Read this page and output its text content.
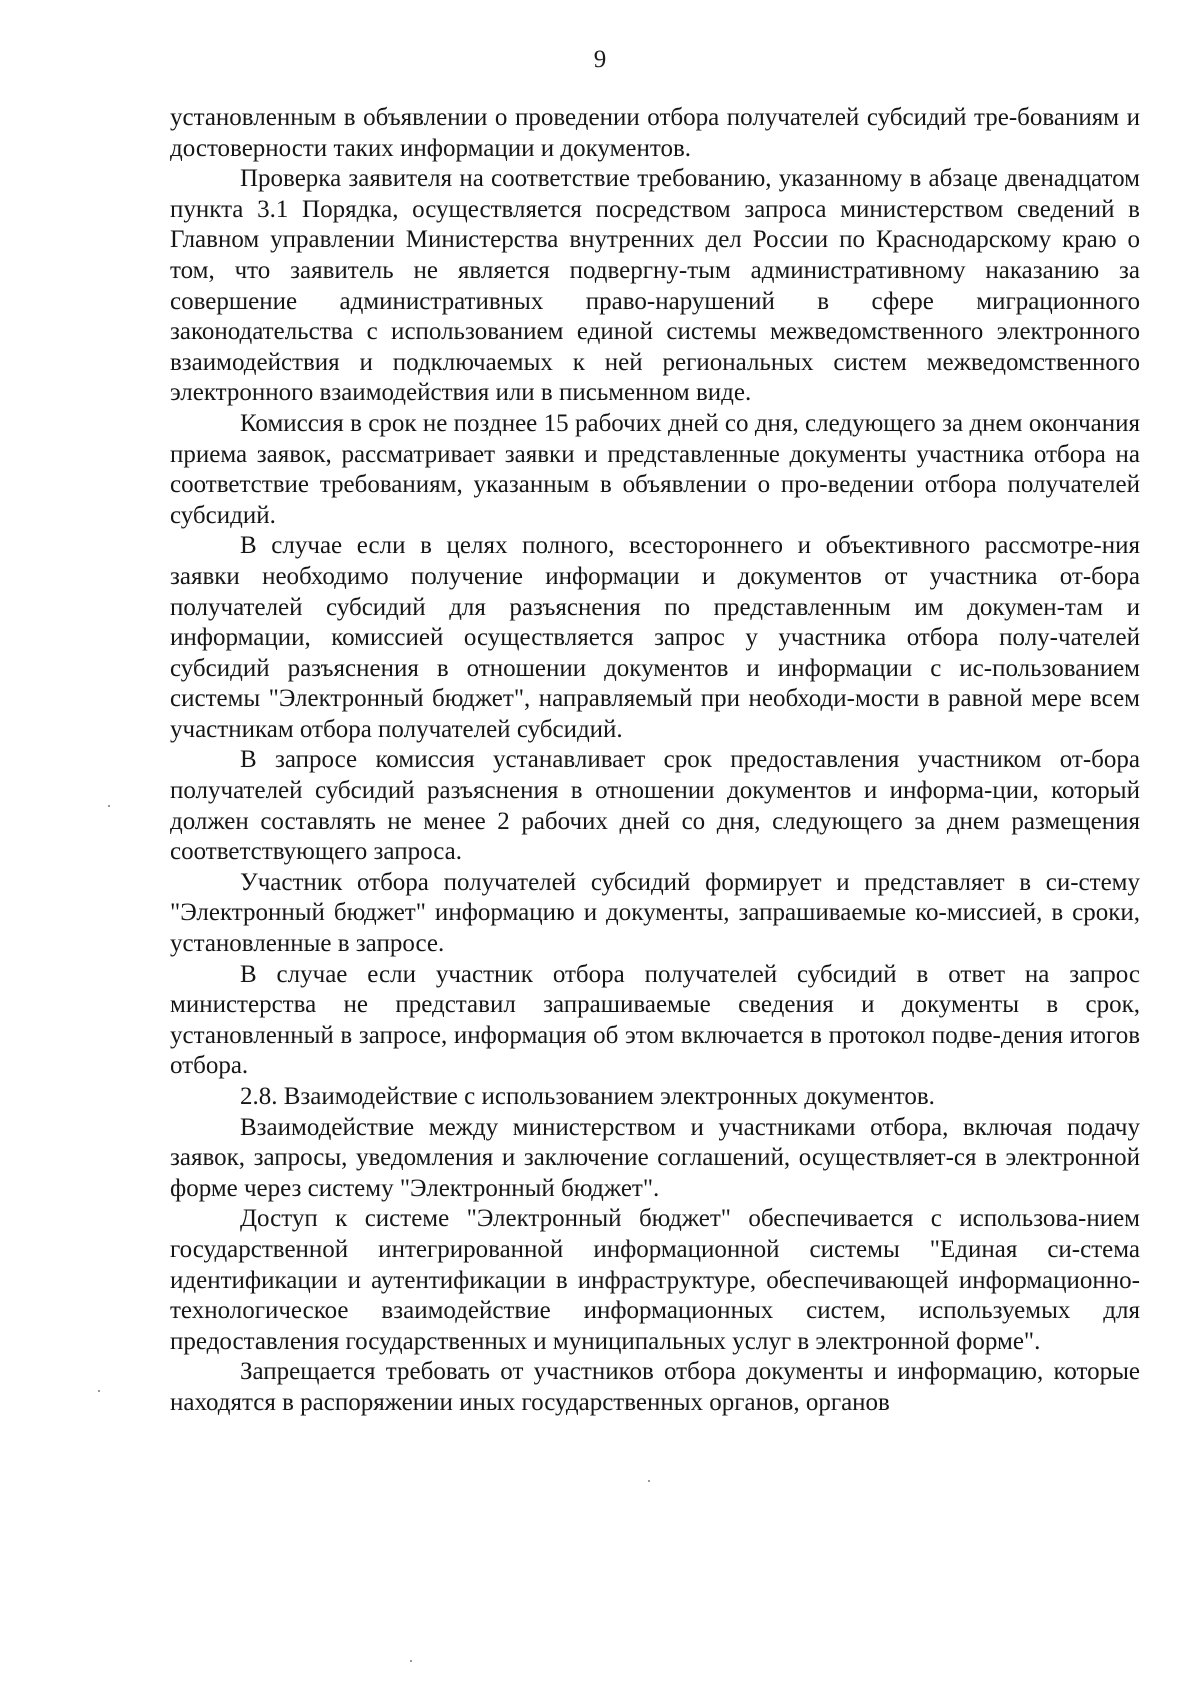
9

установленным в объявлении о проведении отбора получателей субсидий тре-бованиям и достоверности таких информации и документов.

Проверка заявителя на соответствие требованию, указанному в абзаце двенадцатом пункта 3.1 Порядка, осуществляется посредством запроса министерством сведений в Главном управлении Министерства внутренних дел России по Краснодарскому краю о том, что заявитель не является подвергну-тым административному наказанию за совершение административных право-нарушений в сфере миграционного законодательства с использованием единой системы межведомственного электронного взаимодействия и подключаемых к ней региональных систем межведомственного электронного взаимодействия или в письменном виде.

Комиссия в срок не позднее 15 рабочих дней со дня, следующего за днем окончания приема заявок, рассматривает заявки и представленные документы участника отбора на соответствие требованиям, указанным в объявлении о про-ведении отбора получателей субсидий.

В случае если в целях полного, всестороннего и объективного рассмотре-ния заявки необходимо получение информации и документов от участника от-бора получателей субсидий для разъяснения по представленным им докумен-там и информации, комиссией осуществляется запрос у участника отбора полу-чателей субсидий разъяснения в отношении документов и информации с ис-пользованием системы "Электронный бюджет", направляемый при необходи-мости в равной мере всем участникам отбора получателей субсидий.

В запросе комиссия устанавливает срок предоставления участником от-бора получателей субсидий разъяснения в отношении документов и информа-ции, который должен составлять не менее 2 рабочих дней со дня, следующего за днем размещения соответствующего запроса.

Участник отбора получателей субсидий формирует и представляет в си-стему "Электронный бюджет" информацию и документы, запрашиваемые ко-миссией, в сроки, установленные в запросе.

В случае если участник отбора получателей субсидий в ответ на запрос министерства не представил запрашиваемые сведения и документы в срок, установленный в запросе, информация об этом включается в протокол подве-дения итогов отбора.

2.8. Взаимодействие с использованием электронных документов.

Взаимодействие между министерством и участниками отбора, включая подачу заявок, запросы, уведомления и заключение соглашений, осуществляет-ся в электронной форме через систему "Электронный бюджет".

Доступ к системе "Электронный бюджет" обеспечивается с использова-нием государственной интегрированной информационной системы "Единая си-стема идентификации и аутентификации в инфраструктуре, обеспечивающей информационно-технологическое взаимодействие информационных систем, используемых для предоставления государственных и муниципальных услуг в электронной форме".

Запрещается требовать от участников отбора документы и информацию, которые находятся в распоряжении иных государственных органов, органов
